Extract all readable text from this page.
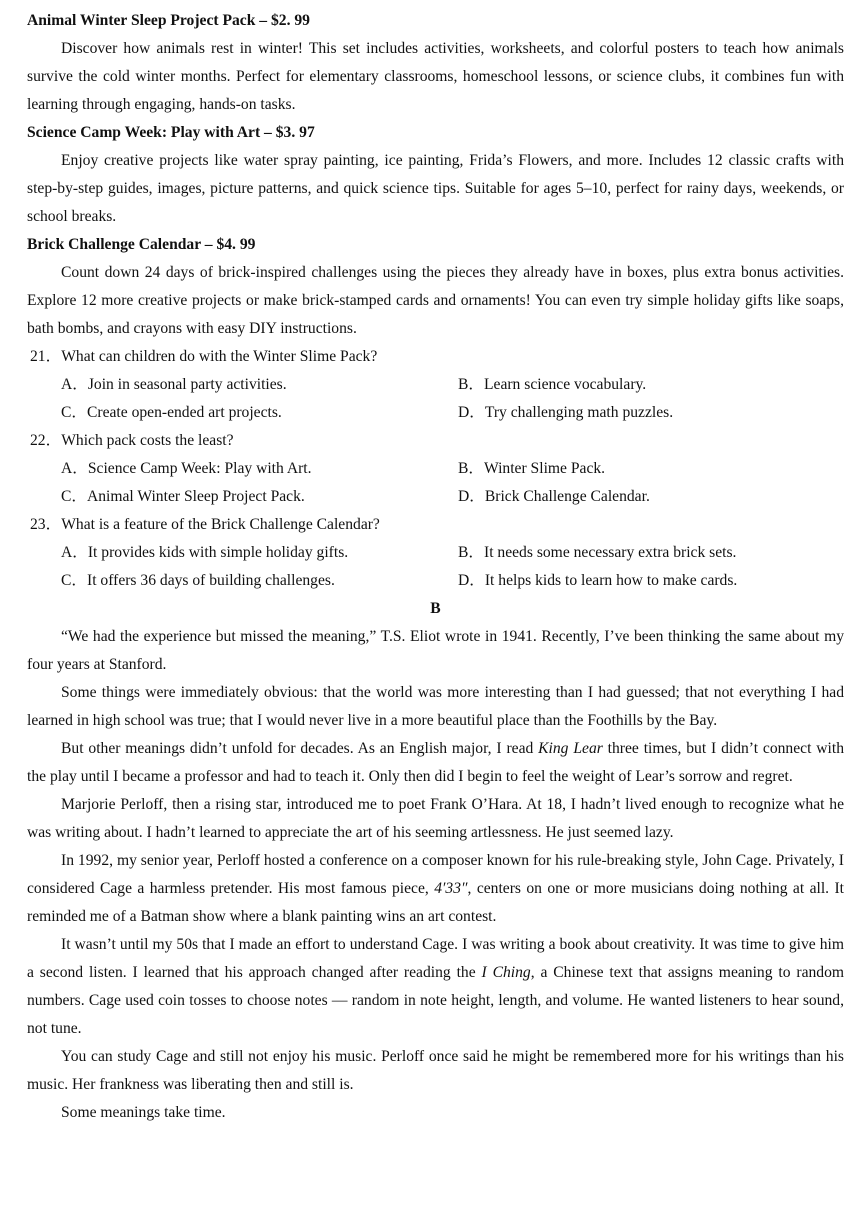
Animal Winter Sleep Project Pack – $2. 99

Discover how animals rest in winter! This set includes activities, worksheets, and colorful posters to teach how animals survive the cold winter months. Perfect for elementary classrooms, homeschool lessons, or science clubs, it combines fun with learning through engaging, hands-on tasks.

Science Camp Week: Play with Art – $3. 97

Enjoy creative projects like water spray painting, ice painting, Frida’s Flowers, and more. Includes 12 classic crafts with step-by-step guides, images, picture patterns, and quick science tips. Suitable for ages 5–10, perfect for rainy days, weekends, or school breaks.

Brick Challenge Calendar – $4. 99

Count down 24 days of brick-inspired challenges using the pieces they already have in boxes, plus extra bonus activities. Explore 12 more creative projects or make brick-stamped cards and ornaments! You can even try simple holiday gifts like soaps, bath bombs, and crayons with easy DIY instructions.

21．What can children do with the Winter Slime Pack?

A．Join in seasonal party activities.	B．Learn science vocabulary.

C．Create open-ended art projects.	D．Try challenging math puzzles.

22．Which pack costs the least?

A．Science Camp Week: Play with Art.	B．Winter Slime Pack.

C．Animal Winter Sleep Project Pack.	D．Brick Challenge Calendar.

23．What is a feature of the Brick Challenge Calendar?

A．It provides kids with simple holiday gifts.	B．It needs some necessary extra brick sets.

C．It offers 36 days of building challenges.	D．It helps kids to learn how to make cards.

B

“We had the experience but missed the meaning,” T.S. Eliot wrote in 1941. Recently, I’ve been thinking the same about my four years at Stanford.

Some things were immediately obvious: that the world was more interesting than I had guessed; that not everything I had learned in high school was true; that I would never live in a more beautiful place than the Foothills by the Bay.

But other meanings didn’t unfold for decades. As an English major, I read King Lear three times, but I didn’t connect with the play until I became a professor and had to teach it. Only then did I begin to feel the weight of Lear’s sorrow and regret.

Marjorie Perloff, then a rising star, introduced me to poet Frank O’Hara. At 18, I hadn’t lived enough to recognize what he was writing about. I hadn’t learned to appreciate the art of his seeming artlessness. He just seemed lazy.

In 1992, my senior year, Perloff hosted a conference on a composer known for his rule-breaking style, John Cage. Privately, I considered Cage a harmless pretender. His most famous piece, 4′33″, centers on one or more musicians doing nothing at all. It reminded me of a Batman show where a blank painting wins an art contest.

It wasn’t until my 50s that I made an effort to understand Cage. I was writing a book about creativity. It was time to give him a second listen. I learned that his approach changed after reading the I Ching, a Chinese text that assigns meaning to random numbers. Cage used coin tosses to choose notes — random in note height, length, and volume. He wanted listeners to hear sound, not tune.

You can study Cage and still not enjoy his music. Perloff once said he might be remembered more for his writings than his music. Her frankness was liberating then and still is.

Some meanings take time.
